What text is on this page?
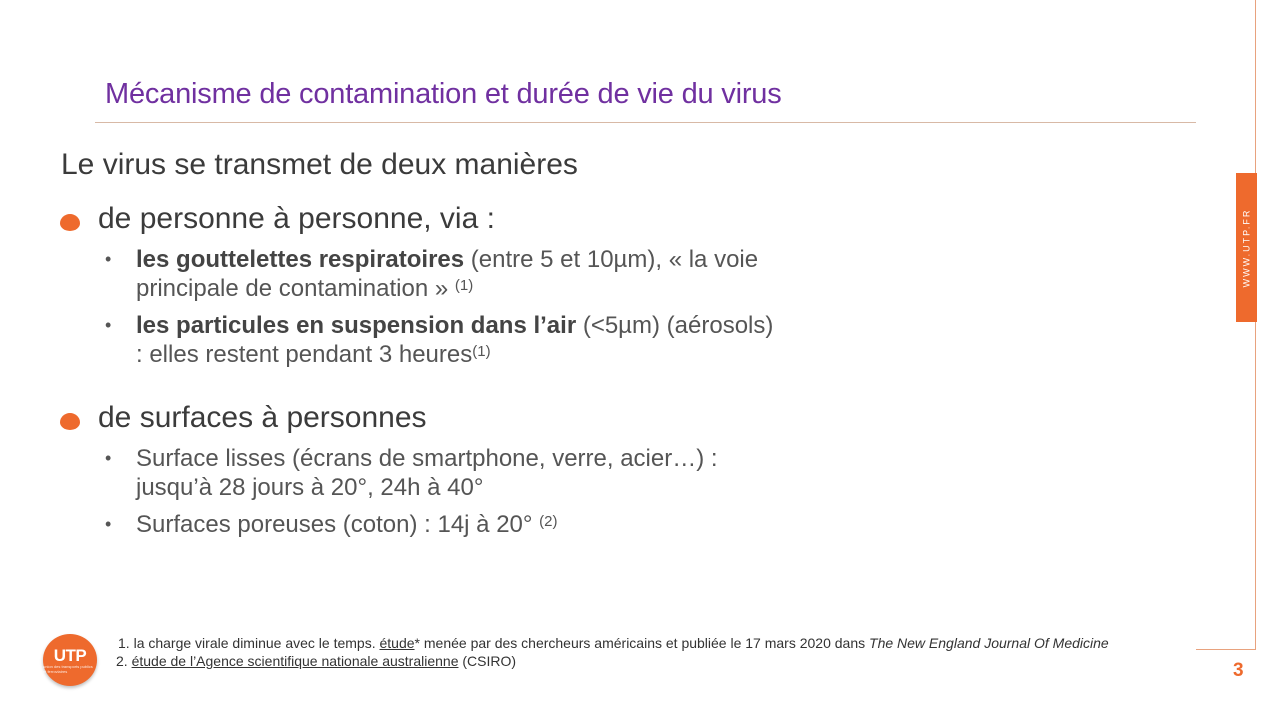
WWW.UTP.FR
Mécanisme de contamination et durée de vie du virus
Le virus se transmet de deux manières
de personne à personne, via :
• les gouttelettes respiratoires (entre 5 et 10µm), « la voie
principale de contamination » $^{(1)}$
• les particules en suspension dans l’air (<5µm) (aérosols)
: elles restent pendant 3 heures$^{(1)}$
de surfaces à personnes
• Surface lisses (écrans de smartphone, verre, acier…) :
jusqu’à 28 jours à 20°, 24h à 40°
• Surfaces poreuses (coton) : 14j à 20° $^{(2)}$
UTP
union des transports publics et ferroviaires
1. la charge virale diminue avec le temps. étude* menée par des chercheurs américains et publiée le 17 mars 2020 dans The New England Journal Of Medicine
2. étude de l’Agence scientifique nationale australienne (CSIRO)	3
